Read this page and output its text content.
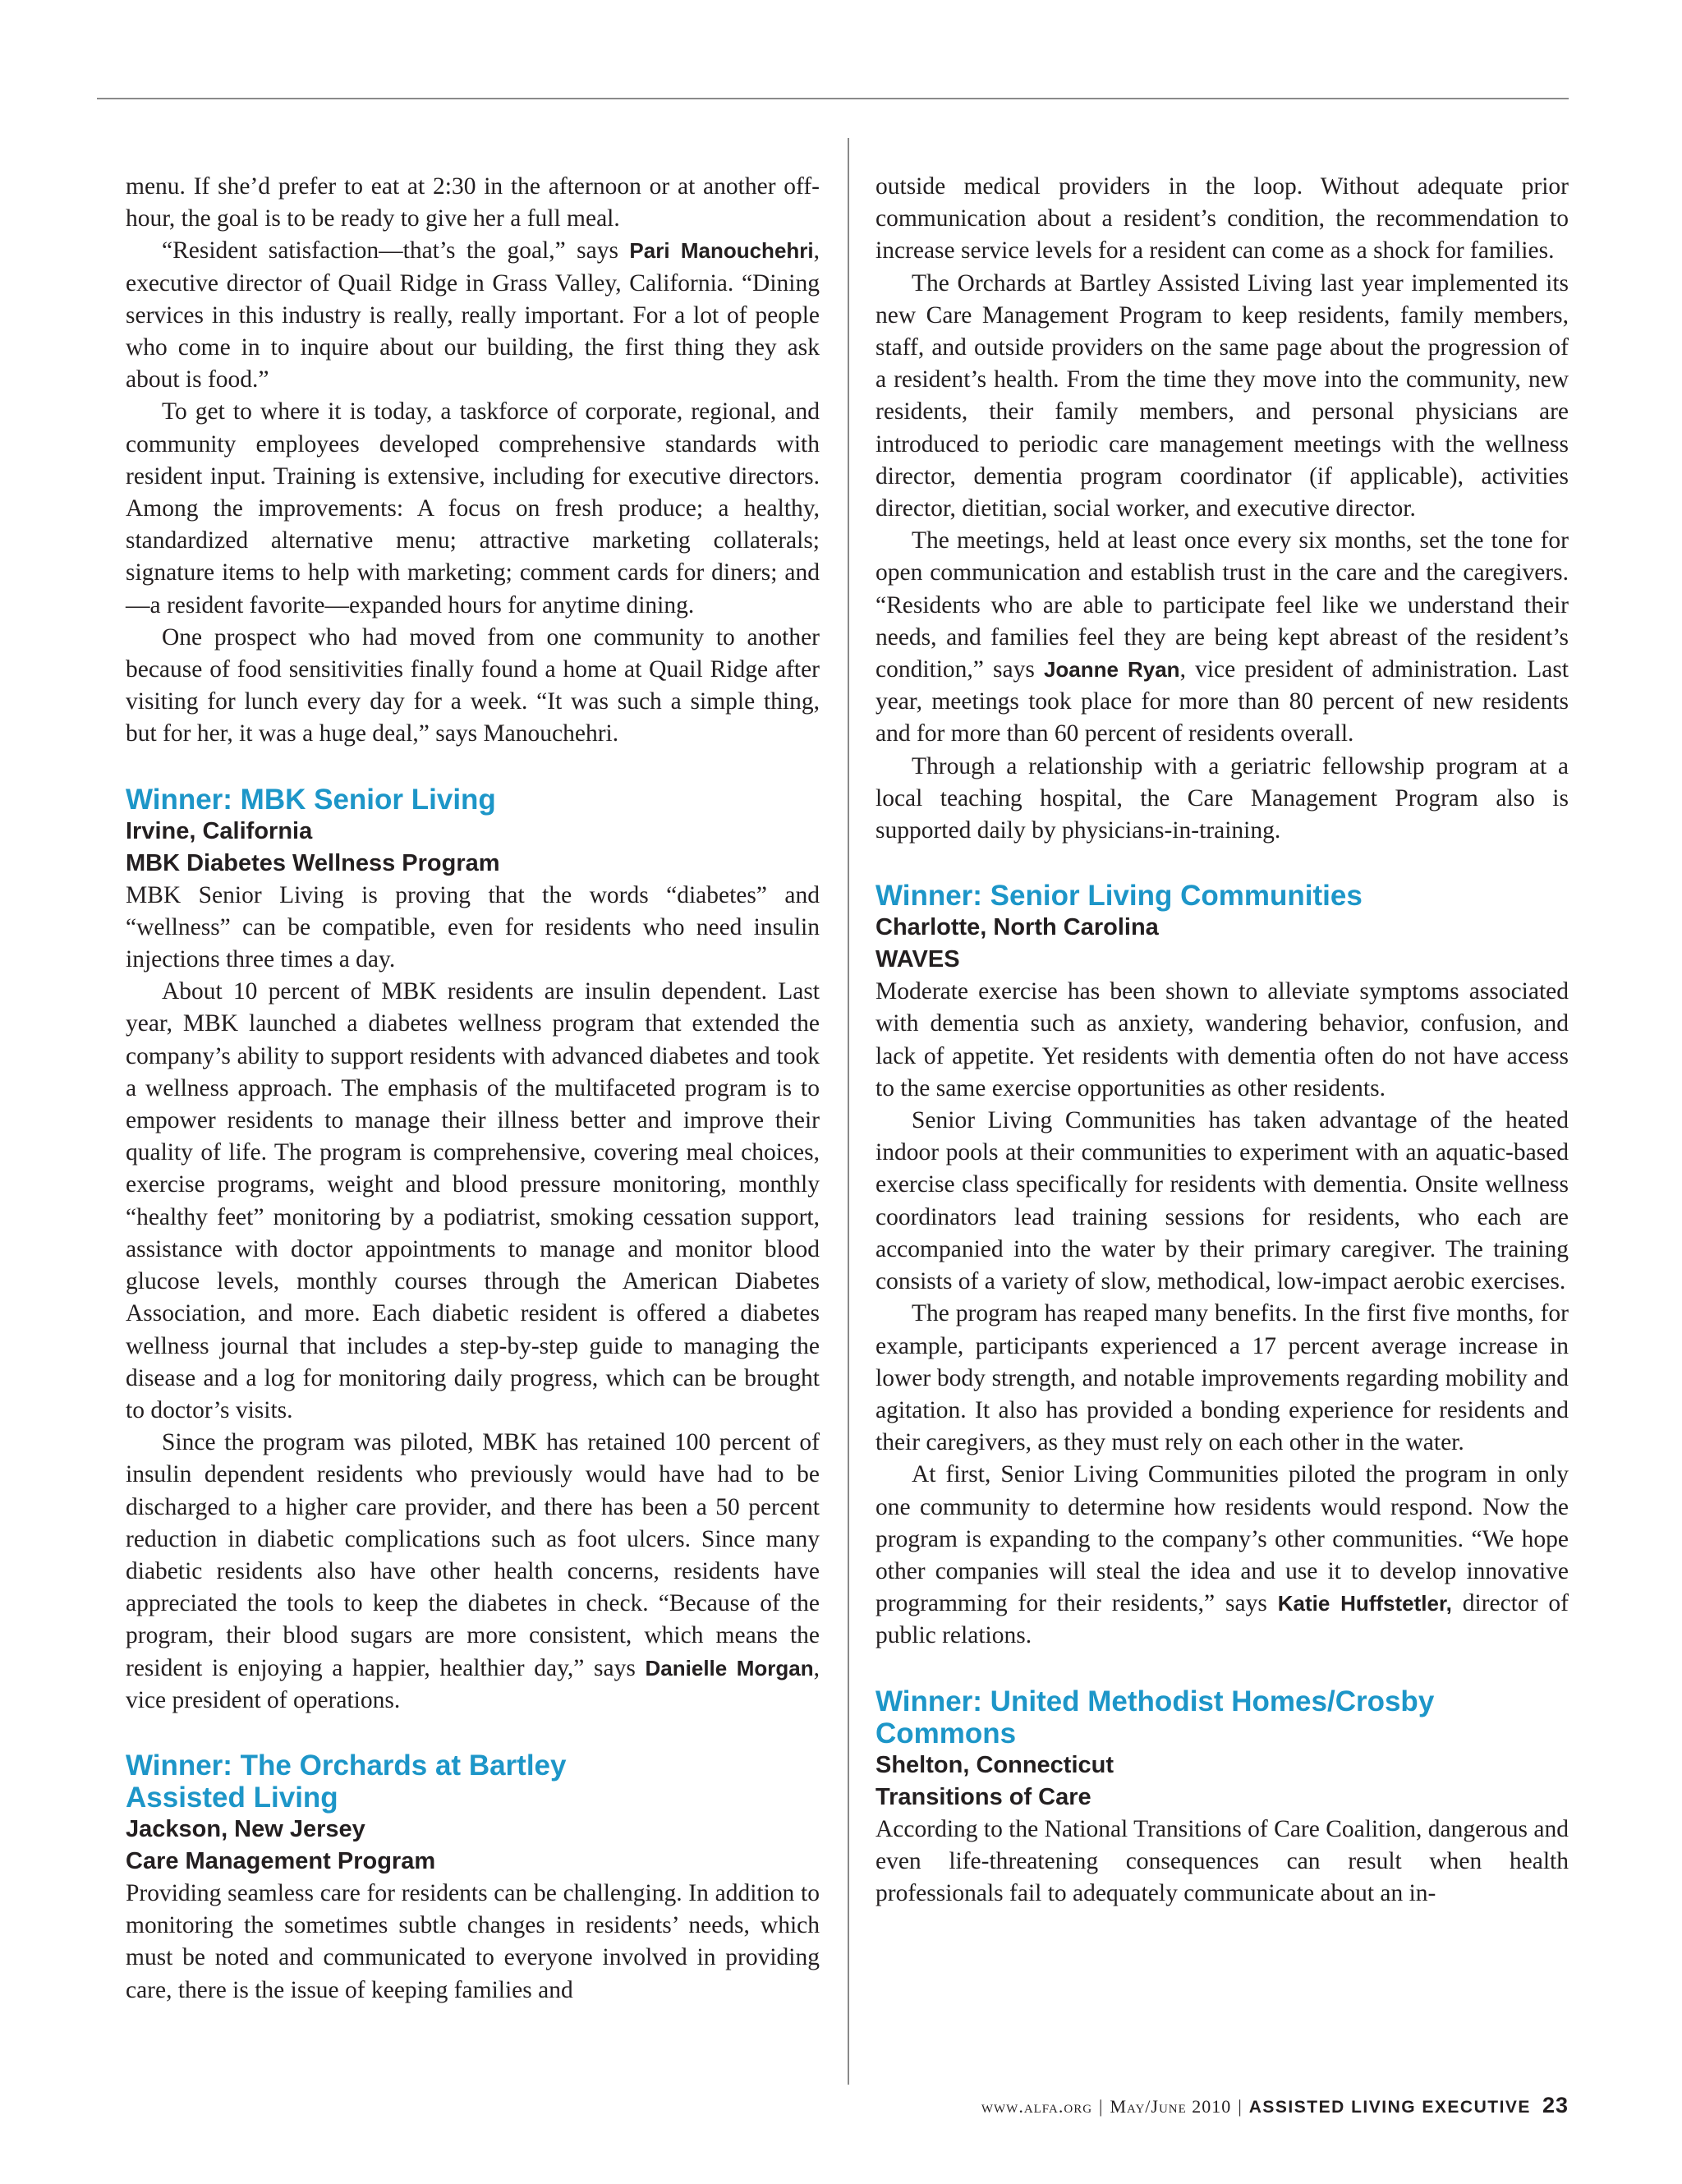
menu. If she’d prefer to eat at 2:30 in the afternoon or at another off-hour, the goal is to be ready to give her a full meal.

“Resident satisfaction—that’s the goal,” says Pari Manouchehri, executive director of Quail Ridge in Grass Valley, California. “Dining services in this industry is really, really important. For a lot of people who come in to inquire about our building, the first thing they ask about is food.”

To get to where it is today, a taskforce of corporate, regional, and community employees developed comprehensive standards with resident input. Training is extensive, including for executive directors. Among the improvements: A focus on fresh produce; a healthy, standardized alternative menu; attractive marketing collaterals; signature items to help with marketing; comment cards for diners; and—a resident favorite—expanded hours for anytime dining.

One prospect who had moved from one community to another because of food sensitivities finally found a home at Quail Ridge after visiting for lunch every day for a week. “It was such a simple thing, but for her, it was a huge deal,” says Manouchehri.

Winner: MBK Senior Living
Irvine, California
MBK Diabetes Wellness Program

MBK Senior Living is proving that the words “diabetes” and “wellness” can be compatible, even for residents who need insulin injections three times a day.

About 10 percent of MBK residents are insulin dependent. Last year, MBK launched a diabetes wellness program that extended the company’s ability to support residents with advanced diabetes and took a wellness approach. The emphasis of the multifaceted program is to empower residents to manage their illness better and improve their quality of life. The program is comprehensive, covering meal choices, exercise programs, weight and blood pressure monitoring, monthly “healthy feet” monitoring by a podiatrist, smoking cessation support, assistance with doctor appointments to manage and monitor blood glucose levels, monthly courses through the American Diabetes Association, and more. Each diabetic resident is offered a diabetes wellness journal that includes a step-by-step guide to managing the disease and a log for monitoring daily progress, which can be brought to doctor’s visits.

Since the program was piloted, MBK has retained 100 percent of insulin dependent residents who previously would have had to be discharged to a higher care provider, and there has been a 50 percent reduction in diabetic complications such as foot ulcers. Since many diabetic residents also have other health concerns, residents have appreciated the tools to keep the diabetes in check. “Because of the program, their blood sugars are more consistent, which means the resident is enjoying a happier, healthier day,” says Danielle Morgan, vice president of operations.

Winner: The Orchards at Bartley Assisted Living
Jackson, New Jersey
Care Management Program

Providing seamless care for residents can be challenging. In addition to monitoring the sometimes subtle changes in residents’ needs, which must be noted and communicated to everyone involved in providing care, there is the issue of keeping families and

outside medical providers in the loop. Without adequate prior communication about a resident’s condition, the recommendation to increase service levels for a resident can come as a shock for families.

The Orchards at Bartley Assisted Living last year implemented its new Care Management Program to keep residents, family members, staff, and outside providers on the same page about the progression of a resident’s health. From the time they move into the community, new residents, their family members, and personal physicians are introduced to periodic care management meetings with the wellness director, dementia program coordinator (if applicable), activities director, dietitian, social worker, and executive director.

The meetings, held at least once every six months, set the tone for open communication and establish trust in the care and the caregivers. “Residents who are able to participate feel like we understand their needs, and families feel they are being kept abreast of the resident’s condition,” says Joanne Ryan, vice president of administration. Last year, meetings took place for more than 80 percent of new residents and for more than 60 percent of residents overall.

Through a relationship with a geriatric fellowship program at a local teaching hospital, the Care Management Program also is supported daily by physicians-in-training.

Winner: Senior Living Communities
Charlotte, North Carolina
WAVES

Moderate exercise has been shown to alleviate symptoms associated with dementia such as anxiety, wandering behavior, confusion, and lack of appetite. Yet residents with dementia often do not have access to the same exercise opportunities as other residents.

Senior Living Communities has taken advantage of the heated indoor pools at their communities to experiment with an aquatic-based exercise class specifically for residents with dementia. Onsite wellness coordinators lead training sessions for residents, who each are accompanied into the water by their primary caregiver. The training consists of a variety of slow, methodical, low-impact aerobic exercises.

The program has reaped many benefits. In the first five months, for example, participants experienced a 17 percent average increase in lower body strength, and notable improvements regarding mobility and agitation. It also has provided a bonding experience for residents and their caregivers, as they must rely on each other in the water.

At first, Senior Living Communities piloted the program in only one community to determine how residents would respond. Now the program is expanding to the company’s other communities. “We hope other companies will steal the idea and use it to develop innovative programming for their residents,” says Katie Huffstetler, director of public relations.

Winner: United Methodist Homes/Crosby Commons
Shelton, Connecticut
Transitions of Care

According to the National Transitions of Care Coalition, dangerous and even life-threatening consequences can result when health professionals fail to adequately communicate about an in-

www.alfa.org | May/June 2010 | ASSISTED LIVING EXECUTIVE 23
